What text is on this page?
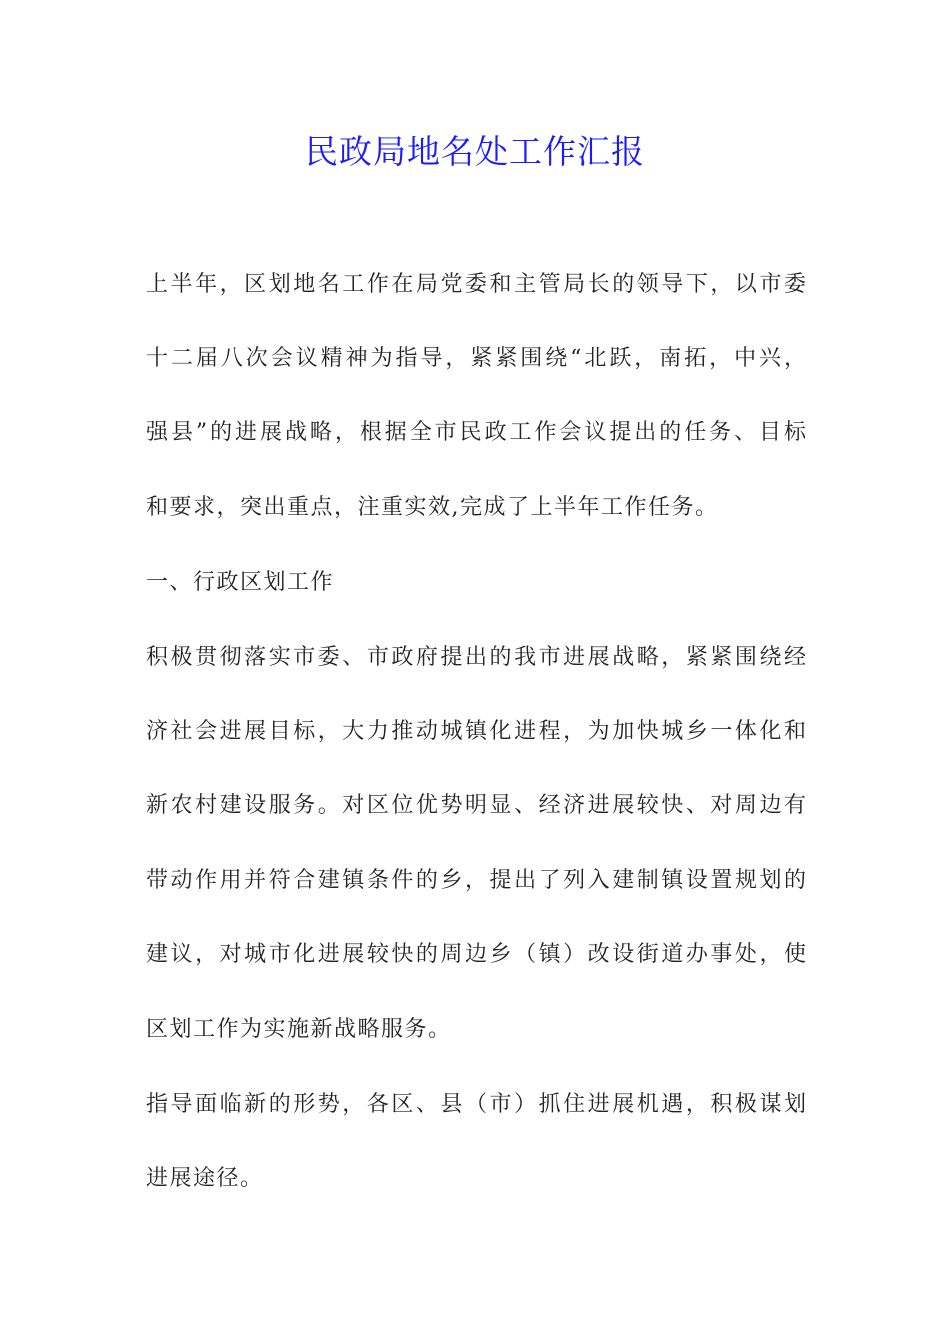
民政局地名处工作汇报
上半年，区划地名工作在局党委和主管局长的领导下，以市委
十二届八次会议精神为指导，紧紧围绕“北跃，南拓，中兴，
强县”的进展战略，根据全市民政工作会议提出的任务、目标
和要求，突出重点，注重实效,完成了上半年工作任务。
一、行政区划工作
积极贯彻落实市委、市政府提出的我市进展战略，紧紧围绕经
济社会进展目标，大力推动城镇化进程，为加快城乡一体化和
新农村建设服务。对区位优势明显、经济进展较快、对周边有
带动作用并符合建镇条件的乡，提出了列入建制镇设置规划的
建议，对城市化进展较快的周边乡（镇）改设街道办事处，使
区划工作为实施新战略服务。
指导面临新的形势，各区、县（市）抓住进展机遇，积极谋划
进展途径。
